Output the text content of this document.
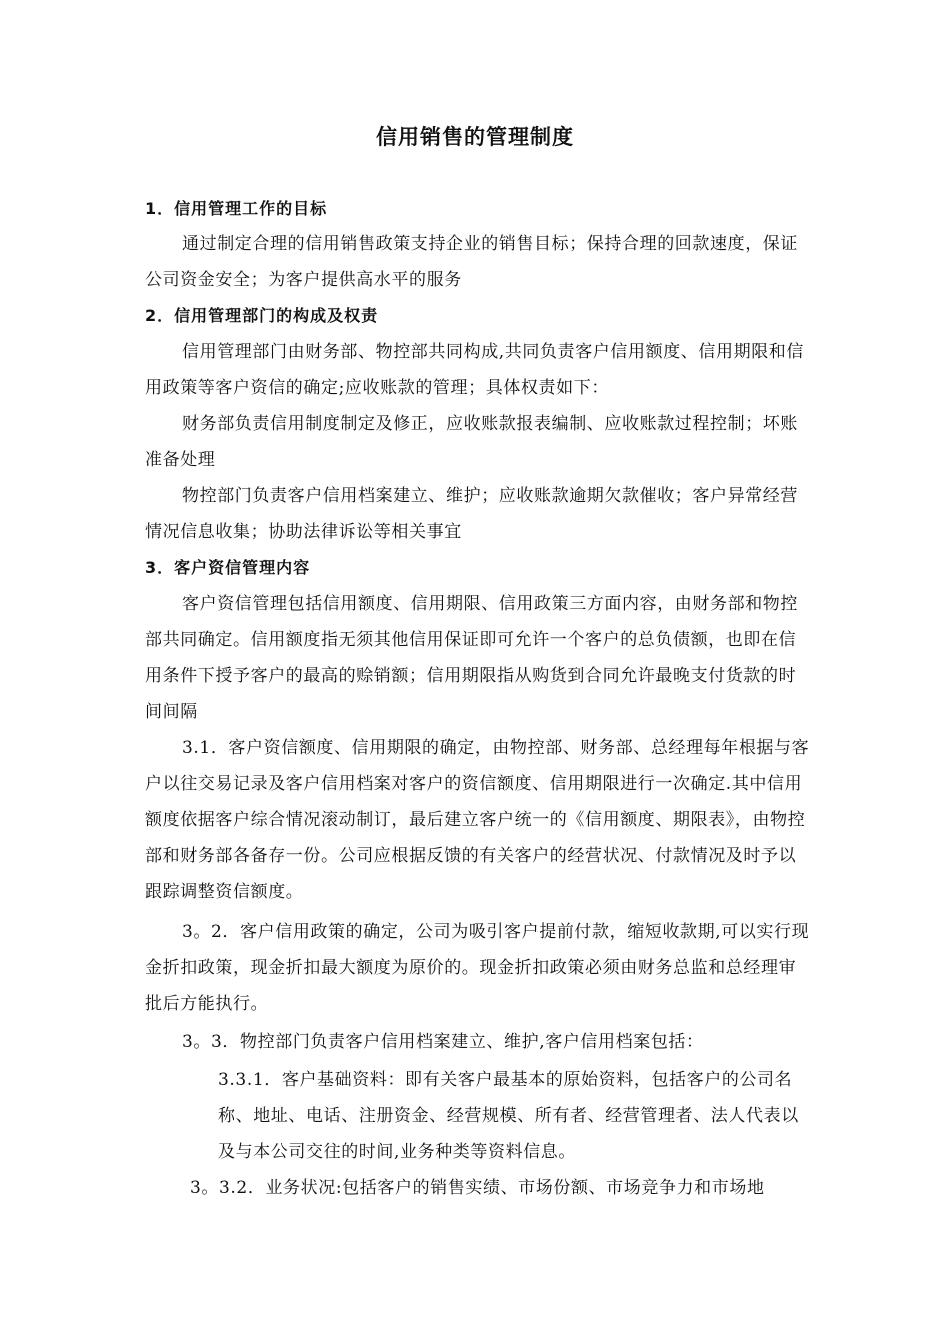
信用销售的管理制度
1．信用管理工作的目标

通过制定合理的信用销售政策支持企业的销售目标；保持合理的回款速度，保证公司资金安全；为客户提供高水平的服务

2．信用管理部门的构成及权责

信用管理部门由财务部、物控部共同构成,共同负责客户信用额度、信用期限和信用政策等客户资信的确定;应收账款的管理；具体权责如下：

财务部负责信用制度制定及修正，应收账款报表编制、应收账款过程控制；坏账准备处理

物控部门负责客户信用档案建立、维护；应收账款逾期欠款催收；客户异常经营情况信息收集；协助法律诉讼等相关事宜

3．客户资信管理内容

客户资信管理包括信用额度、信用期限、信用政策三方面内容，由财务部和物控部共同确定。信用额度指无须其他信用保证即可允许一个客户的总负债额，也即在信用条件下授予客户的最高的赊销额；信用期限指从购货到合同允许最晚支付货款的时间间隔

3.1．客户资信额度、信用期限的确定，由物控部、财务部、总经理每年根据与客户以往交易记录及客户信用档案对客户的资信额度、信用期限进行一次确定.其中信用额度依据客户综合情况滚动制订，最后建立客户统一的《信用额度、期限表》，由物控部和财务部各备存一份。公司应根据反馈的有关客户的经营状况、付款情况及时予以跟踪调整资信额度。

3。2．客户信用政策的确定，公司为吸引客户提前付款，缩短收款期,可以实行现金折扣政策，现金折扣最大额度为原价的。现金折扣政策必须由财务总监和总经理审批后方能执行。

3。3．物控部门负责客户信用档案建立、维护,客户信用档案包括：

3.3.1．客户基础资料：即有关客户最基本的原始资料，包括客户的公司名称、地址、电话、注册资金、经营规模、所有者、经营管理者、法人代表以及与本公司交往的时间,业务种类等资料信息。

3。3.2．业务状况:包括客户的销售实绩、市场份额、市场竞争力和市场地
